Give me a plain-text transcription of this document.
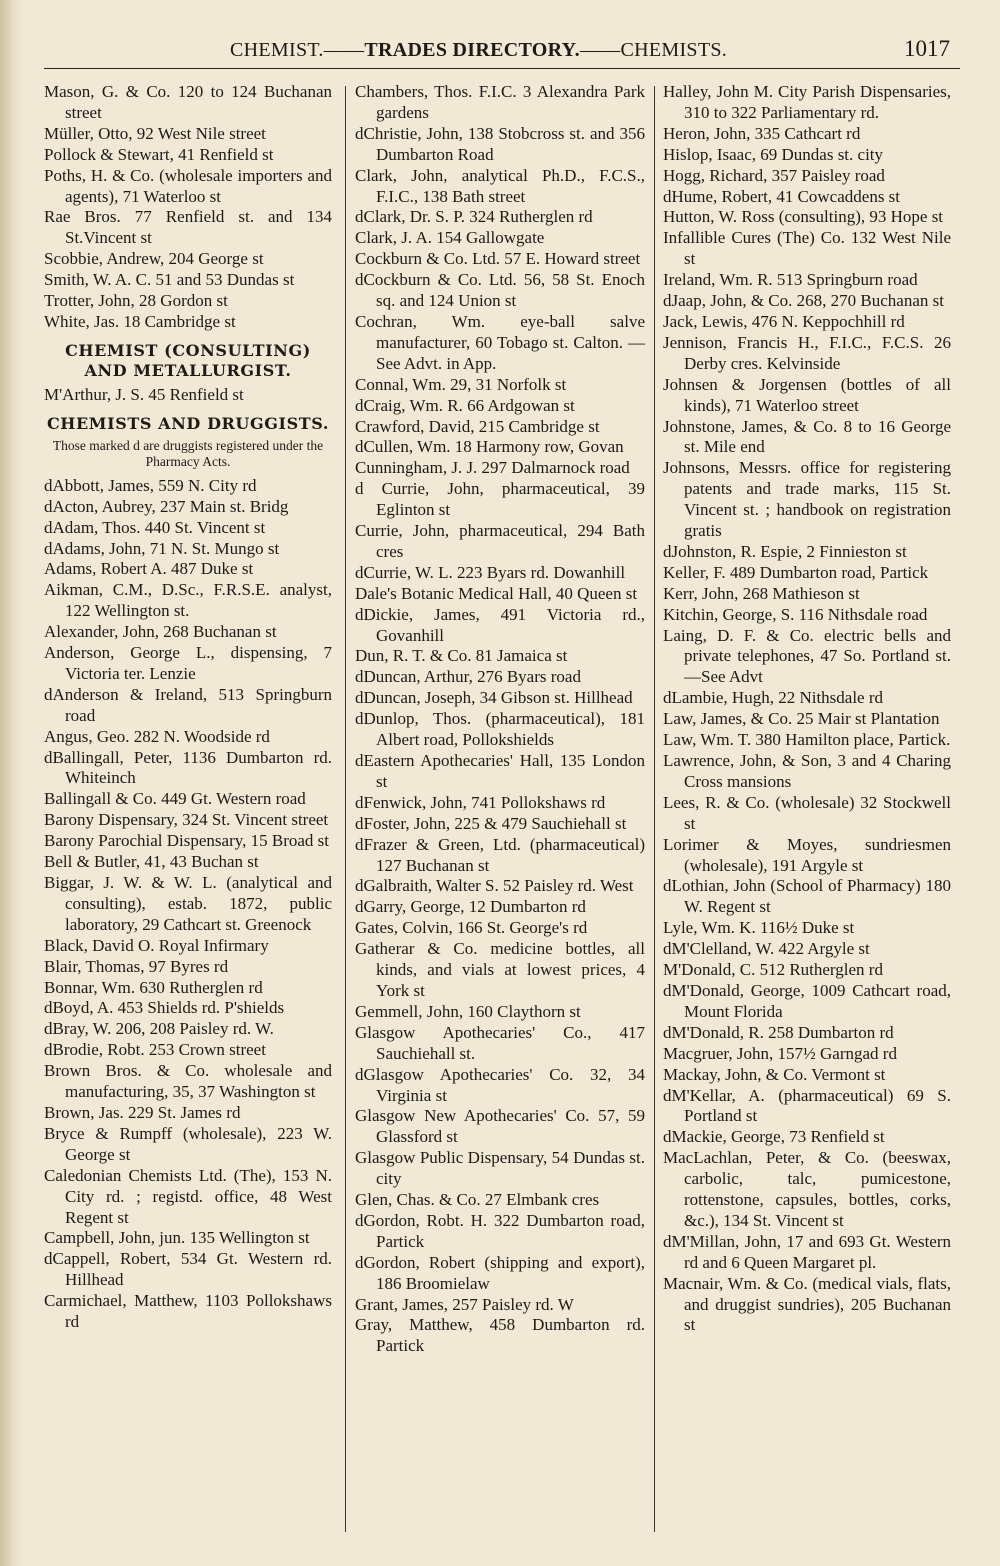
CHEMIST.——TRADES DIRECTORY.——CHEMISTS.	1017
Mason, G. & Co. 120 to 124 Buchanan street
Müller, Otto, 92 West Nile street
Pollock & Stewart, 41 Renfield st
Poths, H. & Co. (wholesale importers and agents), 71 Waterloo st
Rae Bros. 77 Renfield st. and 134 St.Vincent st
Scobbie, Andrew, 204 George st
Smith, W. A. C. 51 and 53 Dundas st
Trotter, John, 28 Gordon st
White, Jas. 18 Cambridge st
CHEMIST (CONSULTING) AND METALLURGIST.
M'Arthur, J. S. 45 Renfield st
CHEMISTS AND DRUGGISTS.
Those marked d are druggists registered under the Pharmacy Acts.
dAbbott, James, 559 N. City rd
dActon, Aubrey, 237 Main st. Bridg
dAdam, Thos. 440 St. Vincent st
dAdams, John, 71 N. St. Mungo st
Adams, Robert A. 487 Duke st
Aikman, C.M., D.Sc., F.R.S.E. analyst, 122 Wellington st.
Alexander, John, 268 Buchanan st
Anderson, George L., dispensing, 7 Victoria ter. Lenzie
dAnderson & Ireland, 513 Springburn road
Angus, Geo. 282 N. Woodside rd
dBallingall, Peter, 1136 Dumbarton rd. Whiteinch
Ballingall & Co. 449 Gt. Western road
Barony Dispensary, 324 St. Vincent street
Barony Parochial Dispensary, 15 Broad st
Bell & Butler, 41, 43 Buchan st
Biggar, J. W. & W. L. (analytical and consulting), estab. 1872, public laboratory, 29 Cathcart st. Greenock
Black, David O. Royal Infirmary
Blair, Thomas, 97 Byres rd
Bonnar, Wm. 630 Rutherglen rd
dBoyd, A. 453 Shields rd. P'shields
dBray, W. 206, 208 Paisley rd. W.
dBrodie, Robt. 253 Crown street
Brown Bros. & Co. wholesale and manufacturing, 35, 37 Washington st
Brown, Jas. 229 St. James rd
Bryce & Rumpff (wholesale), 223 W. George st
Caledonian Chemists Ltd. (The), 153 N. City rd. ; registd. office, 48 West Regent st
Campbell, John, jun. 135 Wellington st
dCappell, Robert, 534 Gt. Western rd. Hillhead
Carmichael, Matthew, 1103 Pollokshaws rd
Chambers, Thos. F.I.C. 3 Alexandra Park gardens
dChristie, John, 138 Stobcross st. and 356 Dumbarton Road
Clark, John, analytical Ph.D., F.C.S., F.I.C., 138 Bath street
dClark, Dr. S. P. 324 Rutherglen rd
Clark, J. A. 154 Gallowgate
Cockburn & Co. Ltd. 57 E. Howard street
dCockburn & Co. Ltd. 56, 58 St. Enoch sq. and 124 Union st
Cochran, Wm. eye-ball salve manufacturer, 60 Tobago st. Calton. —See Advt. in App.
Connal, Wm. 29, 31 Norfolk st
dCraig, Wm. R. 66 Ardgowan st
Crawford, David, 215 Cambridge st
dCullen, Wm. 18 Harmony row, Govan
Cunningham, J. J. 297 Dalmarnock road
d Currie, John, pharmaceutical, 39 Eglinton st
Currie, John, pharmaceutical, 294 Bath cres
dCurrie, W. L. 223 Byars rd. Dowanhill
Dale's Botanic Medical Hall, 40 Queen st
dDickie, James, 491 Victoria rd., Govanhill
Dun, R. T. & Co. 81 Jamaica st
dDuncan, Arthur, 276 Byars road
dDuncan, Joseph, 34 Gibson st. Hillhead
dDunlop, Thos. (pharmaceutical), 181 Albert road, Pollokshields
dEastern Apothecaries' Hall, 135 London st
dFenwick, John, 741 Pollokshaws rd
dFoster, John, 225 & 479 Sauchiehall st
dFrazer & Green, Ltd. (pharmaceutical) 127 Buchanan st
dGalbraith, Walter S. 52 Paisley rd. West
dGarry, George, 12 Dumbarton rd
Gates, Colvin, 166 St. George's rd
Gatherar & Co. medicine bottles, all kinds, and vials at lowest prices, 4 York st
Gemmell, John, 160 Claythorn st
Glasgow Apothecaries' Co., 417 Sauchiehall st.
dGlasgow Apothecaries' Co. 32, 34 Virginia st
Glasgow New Apothecaries' Co. 57, 59 Glassford st
Glasgow Public Dispensary, 54 Dundas st. city
Glen, Chas. & Co. 27 Elmbank cres
dGordon, Robt. H. 322 Dumbarton road, Partick
dGordon, Robert (shipping and export), 186 Broomielaw
Grant, James, 257 Paisley rd. W
Gray, Matthew, 458 Dumbarton rd. Partick
Halley, John M. City Parish Dispensaries, 310 to 322 Parliamentary rd.
Heron, John, 335 Cathcart rd
Hislop, Isaac, 69 Dundas st. city
Hogg, Richard, 357 Paisley road
dHume, Robert, 41 Cowcaddens st
Hutton, W. Ross (consulting), 93 Hope st
Infallible Cures (The) Co. 132 West Nile st
Ireland, Wm. R. 513 Springburn road
dJaap, John, & Co. 268, 270 Buchanan st
Jack, Lewis, 476 N. Keppochhill rd
Jennison, Francis H., F.I.C., F.C.S. 26 Derby cres. Kelvinside
Johnsen & Jorgensen (bottles of all kinds), 71 Waterloo street
Johnstone, James, & Co. 8 to 16 George st. Mile end
Johnsons, Messrs. office for registering patents and trade marks, 115 St. Vincent st. ; handbook on registration gratis
dJohnston, R. Espie, 2 Finnieston st
Keller, F. 489 Dumbarton road, Partick
Kerr, John, 268 Mathieson st
Kitchin, George, S. 116 Nithsdale road
Laing, D. F. & Co. electric bells and private telephones, 47 So. Portland st.—See Advt
dLambie, Hugh, 22 Nithsdale rd
Law, James, & Co. 25 Mair st Plantation
Law, Wm. T. 380 Hamilton place, Partick.
Lawrence, John, & Son, 3 and 4 Charing Cross mansions
Lees, R. & Co. (wholesale) 32 Stockwell st
Lorimer & Moyes, sundriesmen (wholesale), 191 Argyle st
dLothian, John (School of Pharmacy) 180 W. Regent st
Lyle, Wm. K. 116½ Duke st
dM'Clelland, W. 422 Argyle st
M'Donald, C. 512 Rutherglen rd
dM'Donald, George, 1009 Cathcart road, Mount Florida
dM'Donald, R. 258 Dumbarton rd
Macgruer, John, 157½ Garngad rd
Mackay, John, & Co. Vermont st
dM'Kellar, A. (pharmaceutical) 69 S. Portland st
dMackie, George, 73 Renfield st
MacLachlan, Peter, & Co. (beeswax, carbolic, talc, pumicestone, rottenstone, capsules, bottles, corks, &c.), 134 St. Vincent st
dM'Millan, John, 17 and 693 Gt. Western rd and 6 Queen Margaret pl.
Macnair, Wm. & Co. (medical vials, flats, and druggist sundries), 205 Buchanan st
